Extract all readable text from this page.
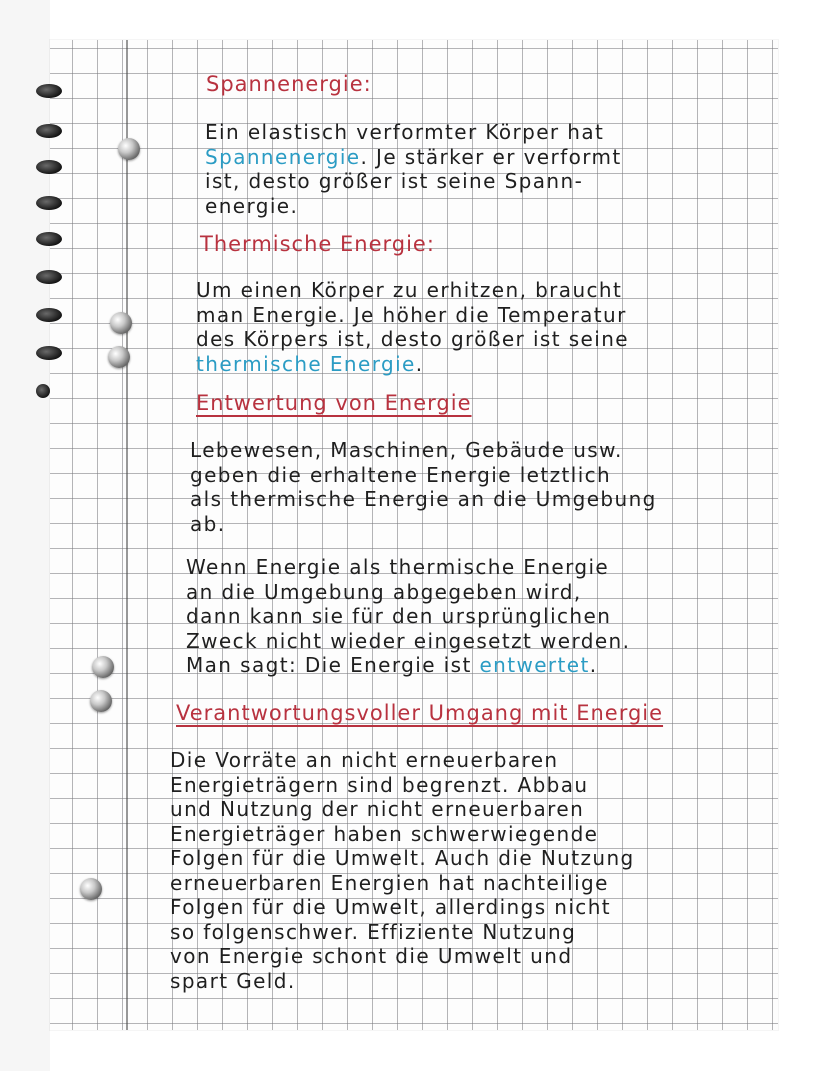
Spannenergie:
Ein elastisch verformter Körper hat
Spannenergie. Je stärker er verformt
ist, desto größer ist seine Spann-
energie.
Thermische Energie:
Um einen Körper zu erhitzen, braucht
man Energie. Je höher die Temperatur
des Körpers ist, desto größer ist seine
thermische Energie.
Entwertung von Energie
Lebewesen, Maschinen, Gebäude usw.
geben die erhaltene Energie letztlich
als thermische Energie an die Umgebung
ab.
Wenn Energie als thermische Energie
an die Umgebung abgegeben wird,
dann kann sie für den ursprünglichen
Zweck nicht wieder eingesetzt werden.
Man sagt: Die Energie ist entwertet.
Verantwortungsvoller Umgang mit Energie
Die Vorräte an nicht erneuerbaren
Energieträgern sind begrenzt. Abbau
und Nutzung der nicht erneuerbaren
Energieträger haben schwerwiegende
Folgen für die Umwelt. Auch die Nutzung
erneuerbaren Energien hat nachteilige
Folgen für die Umwelt, allerdings nicht
so folgenschwer. Effiziente Nutzung
von Energie schont die Umwelt und
spart Geld.
